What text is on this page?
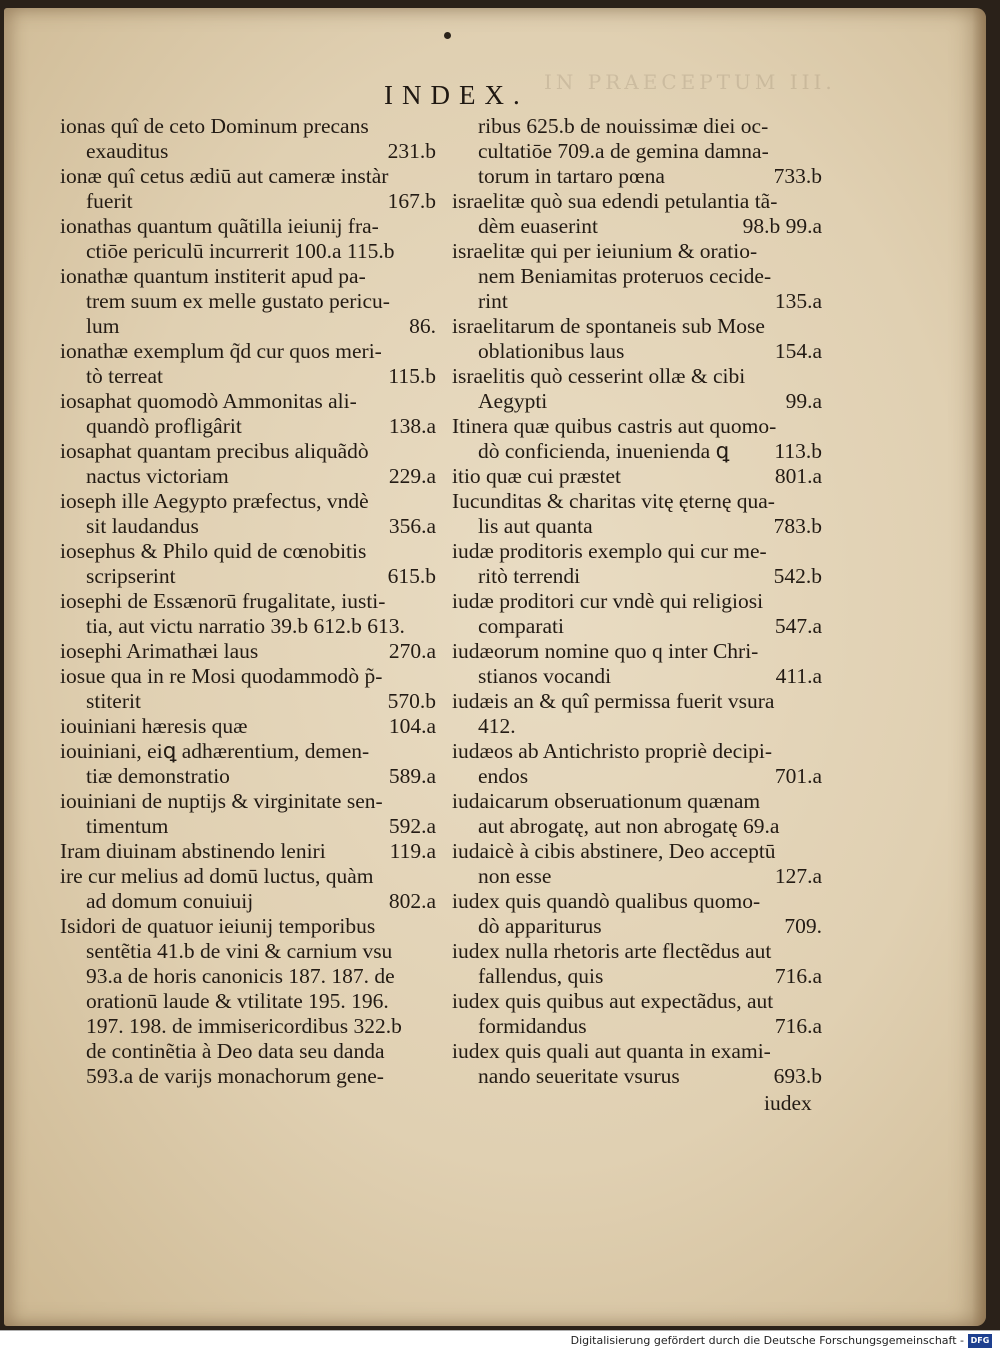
IN PRAECEPTUM III.
INDEX.
ionas quî de ceto Dominum precans
exauditus	231.b
ionæ quî cetus ædiū aut cameræ instàr
fuerit	167.b
ionathas quantum quãtilla ieiunij fra-
ctiōe periculū incurrerit 100.a 115.b
ionathæ quantum institerit apud pa-
trem suum ex melle gustato pericu-
lum	86.
ionathæ exemplum q̃d cur quos meri-
tò terreat	115.b
iosaphat quomodò Ammonitas ali-
quandò profligârit	138.a
iosaphat quantam precibus aliquãdò
nactus victoriam	229.a
ioseph ille Aegypto præfectus, vndè
sit laudandus	356.a
iosephus & Philo quid de cœnobitis
scripserint	615.b
iosephi de Essænorū frugalitate, iusti-
tia, aut victu narratio 39.b 612.b 613.
iosephi Arimathæi laus	270.a
iosue qua in re Mosi quodammodò p̃-
stiterit	570.b
iouiniani hæresis quæ	104.a
iouiniani, eiꝗ adhærentium, demen-
tiæ demonstratio	589.a
iouiniani de nuptijs & virginitate sen-
timentum	592.a
Iram diuinam abstinendo leniri	119.a
ire cur melius ad domū luctus, quàm
ad domum conuiuij	802.a
Isidori de quatuor ieiunij temporibus
sentẽtia 41.b de vini & carnium vsu
93.a de horis canonicis 187. 187. de
orationū laude & vtilitate 195. 196.
197. 198. de immisericordibus 322.b
de continẽtia à Deo data seu danda
593.a de varijs monachorum gene-
ribus 625.b de nouissimæ diei oc-
cultatiōe 709.a de gemina damna-
torum in tartaro pœna	733.b
israelitæ quò sua edendi petulantia tã-
dèm euaserint	98.b 99.a
israelitæ qui per ieiunium & oratio-
nem Beniamitas proteruos cecide-
rint	135.a
israelitarum de spontaneis sub Mose
oblationibus laus	154.a
israelitis quò cesserint ollæ & cibi
Aegypti	99.a
Itinera quæ quibus castris aut quomo-
dò conficienda, inuenienda ꝗ 113.b
itio quæ cui præstet	801.a
Iucunditas & charitas vitę ęternę qua-
lis aut quanta	783.b
iudæ proditoris exemplo qui cur me-
ritò terrendi	542.b
iudæ proditori cur vndè qui religiosi
comparati	547.a
iudæorum nomine quo q inter Chri-
stianos vocandi	411.a
iudæis an & quî permissa fuerit vsura
412.
iudæos ab Antichristo propriè decipi-
endos	701.a
iudaicarum obseruationum quænam
aut abrogatę, aut non abrogatę 69.a
iudaicè à cibis abstinere, Deo acceptū
non esse	127.a
iudex quis quandò qualibus quomo-
dò appariturus	709.
iudex nulla rhetoris arte flectẽdus aut
fallendus, quis	716.a
iudex quis quibus aut expectãdus, aut
formidandus	716.a
iudex quis quali aut quanta in exami-
nando seueritate vsurus	693.b
iudex
Digitalisierung gefördert durch die Deutsche Forschungsgemeinschaft - DFG
